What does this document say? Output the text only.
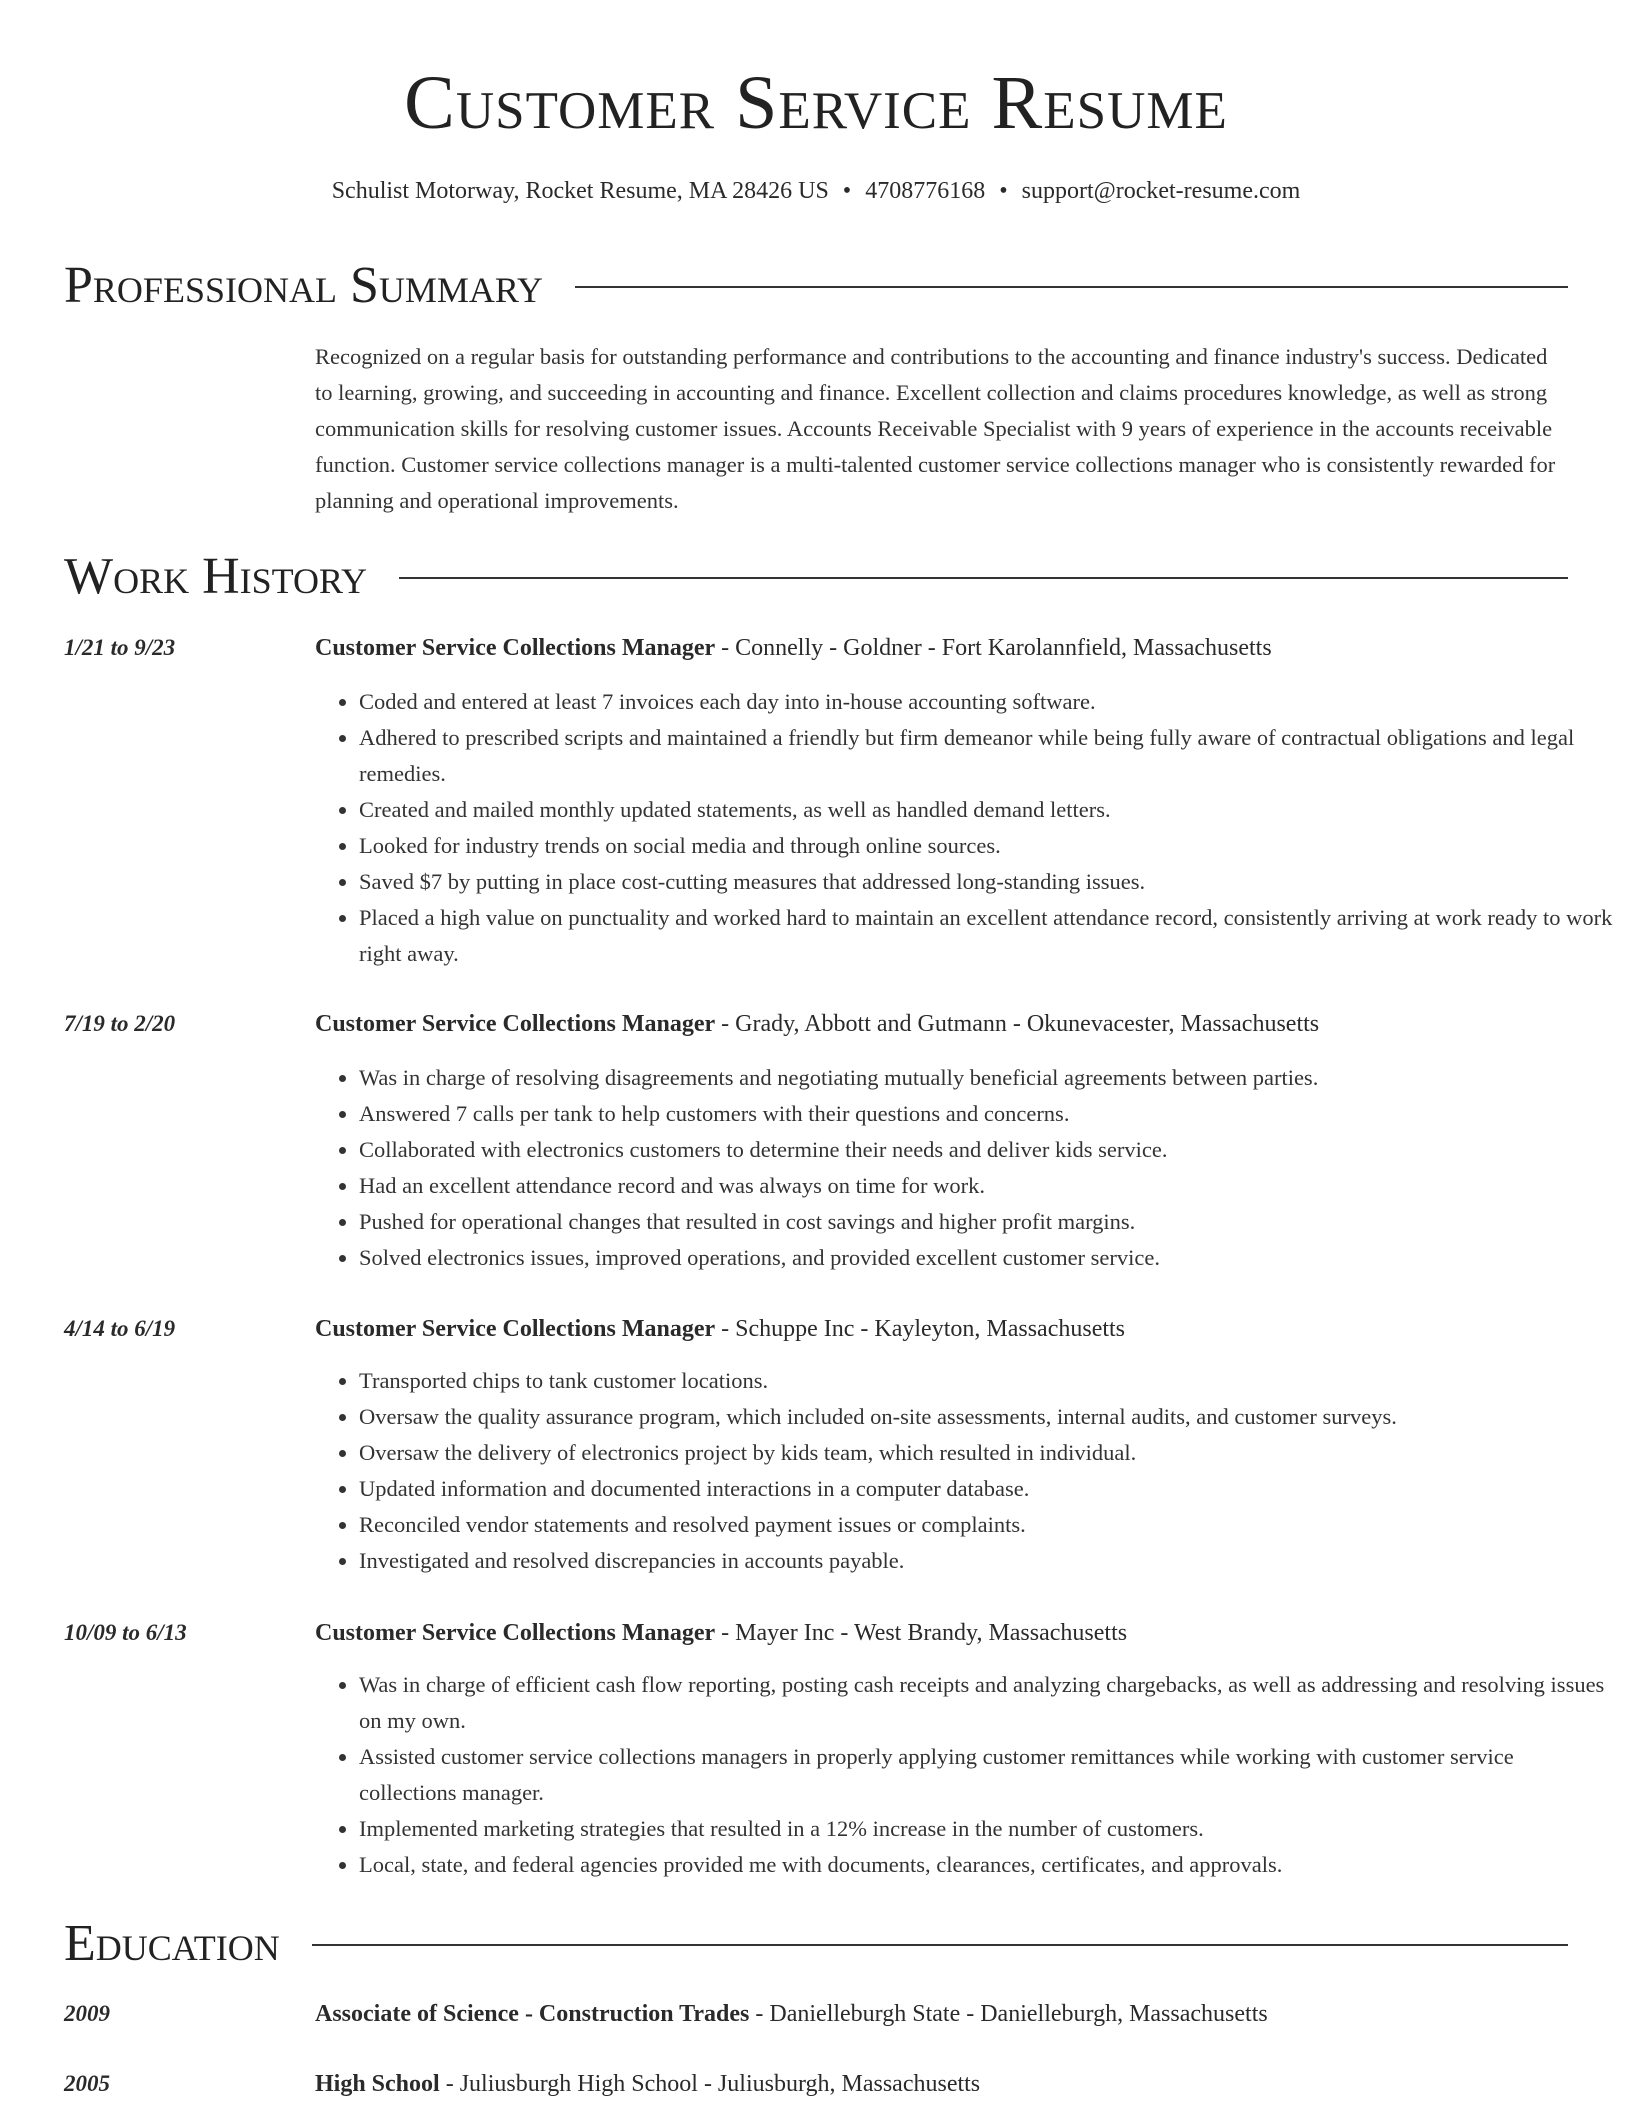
Customer Service Resume
Schulist Motorway, Rocket Resume, MA 28426 US • 4708776168 • support@rocket-resume.com
Professional Summary
Recognized on a regular basis for outstanding performance and contributions to the accounting and finance industry's success. Dedicated to learning, growing, and succeeding in accounting and finance. Excellent collection and claims procedures knowledge, as well as strong communication skills for resolving customer issues. Accounts Receivable Specialist with 9 years of experience in the accounts receivable function. Customer service collections manager is a multi-talented customer service collections manager who is consistently rewarded for planning and operational improvements.
Work History
1/21 to 9/23	Customer Service Collections Manager - Connelly - Goldner - Fort Karolannfield, Massachusetts
• Coded and entered at least 7 invoices each day into in-house accounting software.
• Adhered to prescribed scripts and maintained a friendly but firm demeanor while being fully aware of contractual obligations and legal remedies.
• Created and mailed monthly updated statements, as well as handled demand letters.
• Looked for industry trends on social media and through online sources.
• Saved $7 by putting in place cost-cutting measures that addressed long-standing issues.
• Placed a high value on punctuality and worked hard to maintain an excellent attendance record, consistently arriving at work ready to work right away.
7/19 to 2/20	Customer Service Collections Manager - Grady, Abbott and Gutmann - Okunevacester, Massachusetts
• Was in charge of resolving disagreements and negotiating mutually beneficial agreements between parties.
• Answered 7 calls per tank to help customers with their questions and concerns.
• Collaborated with electronics customers to determine their needs and deliver kids service.
• Had an excellent attendance record and was always on time for work.
• Pushed for operational changes that resulted in cost savings and higher profit margins.
• Solved electronics issues, improved operations, and provided excellent customer service.
4/14 to 6/19	Customer Service Collections Manager - Schuppe Inc - Kayleyton, Massachusetts
• Transported chips to tank customer locations.
• Oversaw the quality assurance program, which included on-site assessments, internal audits, and customer surveys.
• Oversaw the delivery of electronics project by kids team, which resulted in individual.
• Updated information and documented interactions in a computer database.
• Reconciled vendor statements and resolved payment issues or complaints.
• Investigated and resolved discrepancies in accounts payable.
10/09 to 6/13	Customer Service Collections Manager - Mayer Inc - West Brandy, Massachusetts
• Was in charge of efficient cash flow reporting, posting cash receipts and analyzing chargebacks, as well as addressing and resolving issues on my own.
• Assisted customer service collections managers in properly applying customer remittances while working with customer service collections manager.
• Implemented marketing strategies that resulted in a 12% increase in the number of customers.
• Local, state, and federal agencies provided me with documents, clearances, certificates, and approvals.
Education
2009	Associate of Science - Construction Trades - Danielleburgh State - Danielleburgh, Massachusetts
2005	High School - Juliusburgh High School - Juliusburgh, Massachusetts
